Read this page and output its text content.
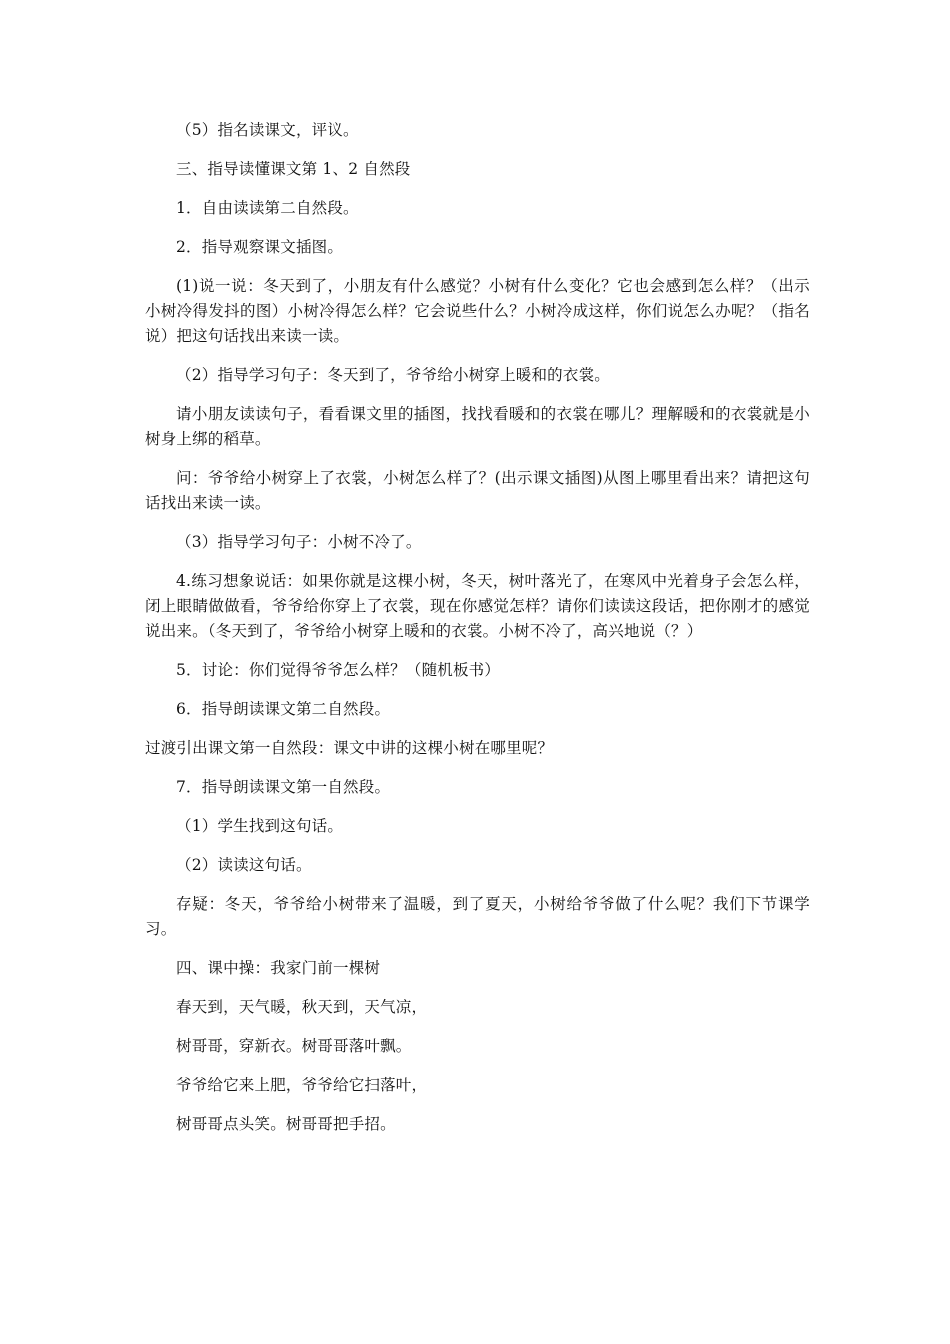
（5）指名读课文，评议。

三、指导读懂课文第 1、2 自然段

1．自由读读第二自然段。

2．指导观察课文插图。

(1)说一说：冬天到了，小朋友有什么感觉？小树有什么变化？它也会感到怎么样？（出示小树冷得发抖的图）小树冷得怎么样？它会说些什么？小树冷成这样，你们说怎么办呢？（指名说）把这句话找出来读一读。

（2）指导学习句子：冬天到了，爷爷给小树穿上暖和的衣裳。

请小朋友读读句子，看看课文里的插图，找找看暖和的衣裳在哪儿？理解暖和的衣裳就是小树身上绑的稻草。

问：爷爷给小树穿上了衣裳，小树怎么样了？(出示课文插图)从图上哪里看出来？请把这句话找出来读一读。

（3）指导学习句子：小树不冷了。

4.练习想象说话：如果你就是这棵小树，冬天，树叶落光了，在寒风中光着身子会怎么样，闭上眼睛做做看，爷爷给你穿上了衣裳，现在你感觉怎样？请你们读读这段话，把你刚才的感觉说出来。（冬天到了，爷爷给小树穿上暖和的衣裳。小树不冷了，高兴地说（？）

5．讨论：你们觉得爷爷怎么样？（随机板书）

6．指导朗读课文第二自然段。

过渡引出课文第一自然段：课文中讲的这棵小树在哪里呢？

7．指导朗读课文第一自然段。

（1）学生找到这句话。

（2）读读这句话。

存疑：冬天，爷爷给小树带来了温暖，到了夏天，小树给爷爷做了什么呢？我们下节课学习。

四、课中操：我家门前一棵树

春天到，天气暖，秋天到，天气凉，

树哥哥，穿新衣。树哥哥落叶飘。

爷爷给它来上肥，爷爷给它扫落叶，

树哥哥点头笑。树哥哥把手招。
